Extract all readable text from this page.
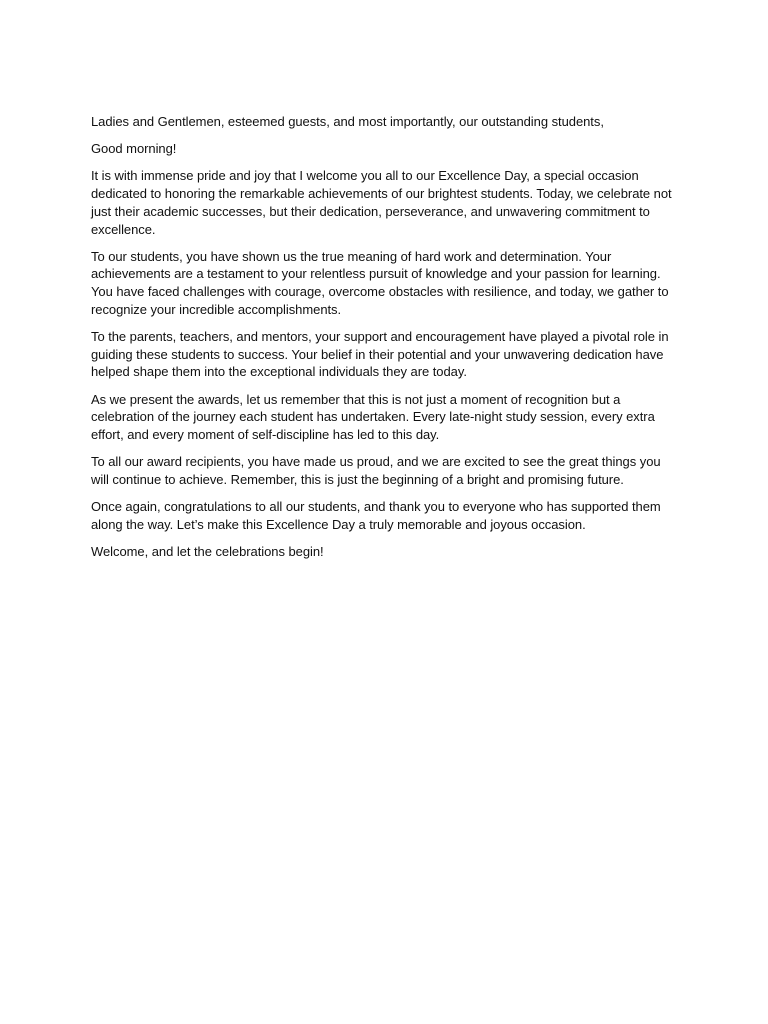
Ladies and Gentlemen, esteemed guests, and most importantly, our outstanding students,

Good morning!

It is with immense pride and joy that I welcome you all to our Excellence Day, a special occasion dedicated to honoring the remarkable achievements of our brightest students. Today, we celebrate not just their academic successes, but their dedication, perseverance, and unwavering commitment to excellence.

To our students, you have shown us the true meaning of hard work and determination. Your achievements are a testament to your relentless pursuit of knowledge and your passion for learning. You have faced challenges with courage, overcome obstacles with resilience, and today, we gather to recognize your incredible accomplishments.

To the parents, teachers, and mentors, your support and encouragement have played a pivotal role in guiding these students to success. Your belief in their potential and your unwavering dedication have helped shape them into the exceptional individuals they are today.

As we present the awards, let us remember that this is not just a moment of recognition but a celebration of the journey each student has undertaken. Every late-night study session, every extra effort, and every moment of self-discipline has led to this day.

To all our award recipients, you have made us proud, and we are excited to see the great things you will continue to achieve. Remember, this is just the beginning of a bright and promising future.

Once again, congratulations to all our students, and thank you to everyone who has supported them along the way. Let’s make this Excellence Day a truly memorable and joyous occasion.

Welcome, and let the celebrations begin!
